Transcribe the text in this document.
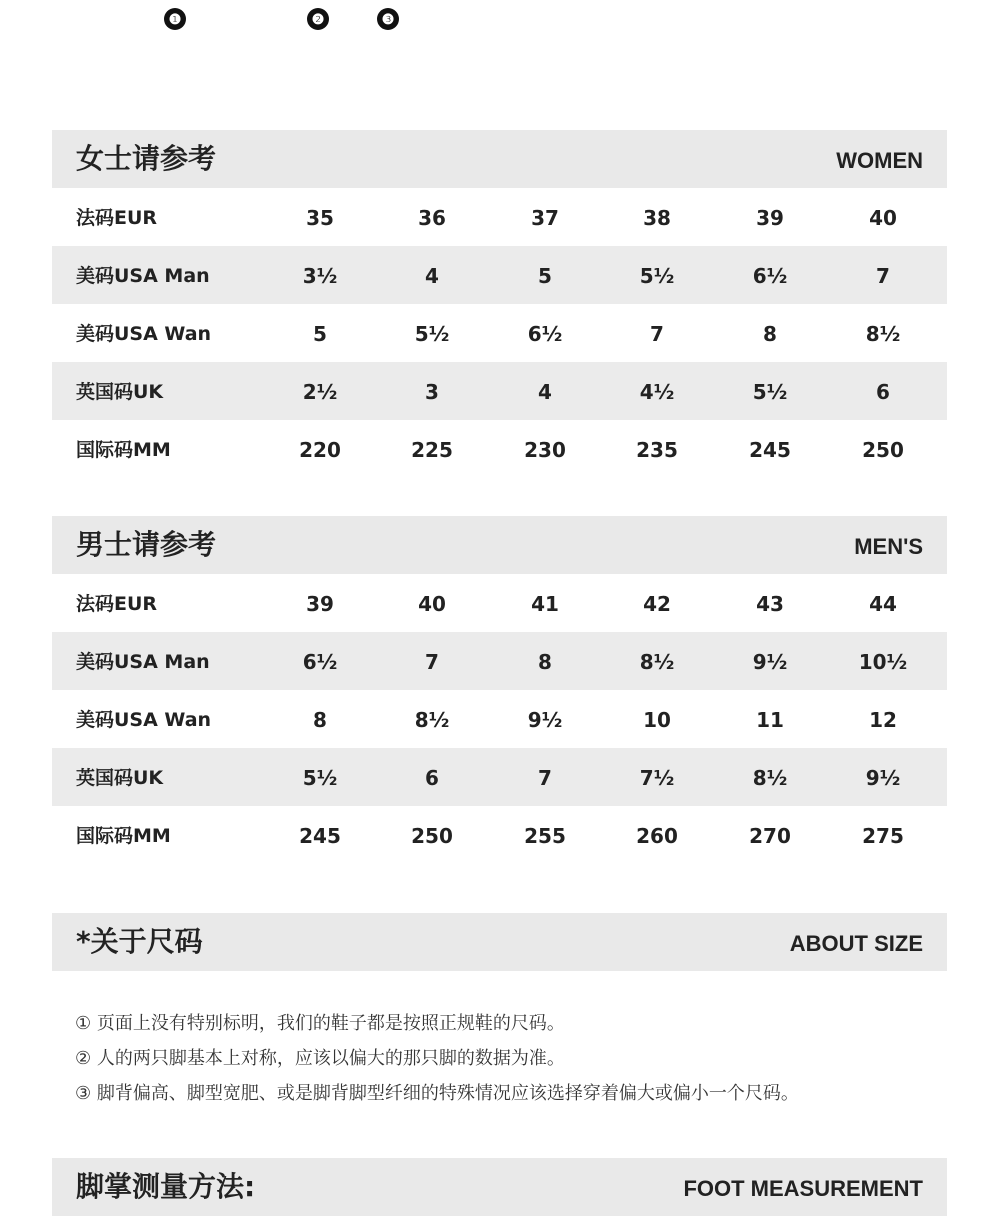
❶	❷	❸
女士请参考	WOMEN
法码EUR	35	36	37	38	39	40
美码USA Man	3½	4	5	5½	6½	7
美码USA Wan	5	5½	6½	7	8	8½
英国码UK	2½	3	4	4½	5½	6
国际码MM	220	225	230	235	245	250
男士请参考	MEN'S
法码EUR	39	40	41	42	43	44
美码USA Man	6½	7	8	8½	9½	10½
美码USA Wan	8	8½	9½	10	11	12
英国码UK	5½	6	7	7½	8½	9½
国际码MM	245	250	255	260	270	275
*关于尺码	ABOUT SIZE
① 页面上没有特别标明，我们的鞋子都是按照正规鞋的尺码。
② 人的两只脚基本上对称，应该以偏大的那只脚的数据为准。
③ 脚背偏高、脚型宽肥、或是脚背脚型纤细的特殊情况应该选择穿着偏大或偏小一个尺码。
脚掌测量方法:	FOOT MEASUREMENT
